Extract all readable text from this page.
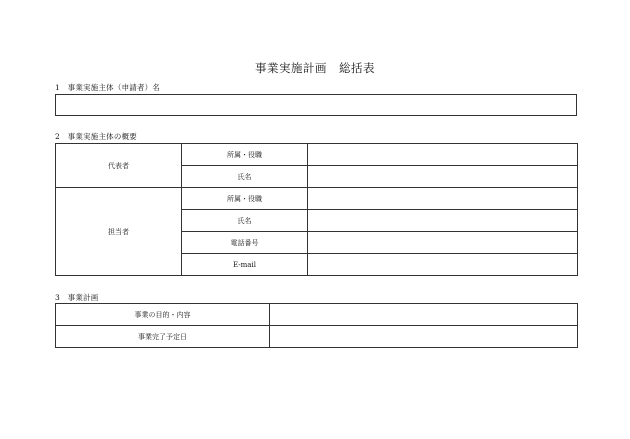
事業実施計画　総括表
1　事業実施主体（申請者）名
2　事業実施主体の概要
代表者	所属・役職	
	氏名	
担当者	所属・役職	
	氏名	
	電話番号	
	E-mail	
3　事業計画
事業の目的・内容	
事業完了予定日	
